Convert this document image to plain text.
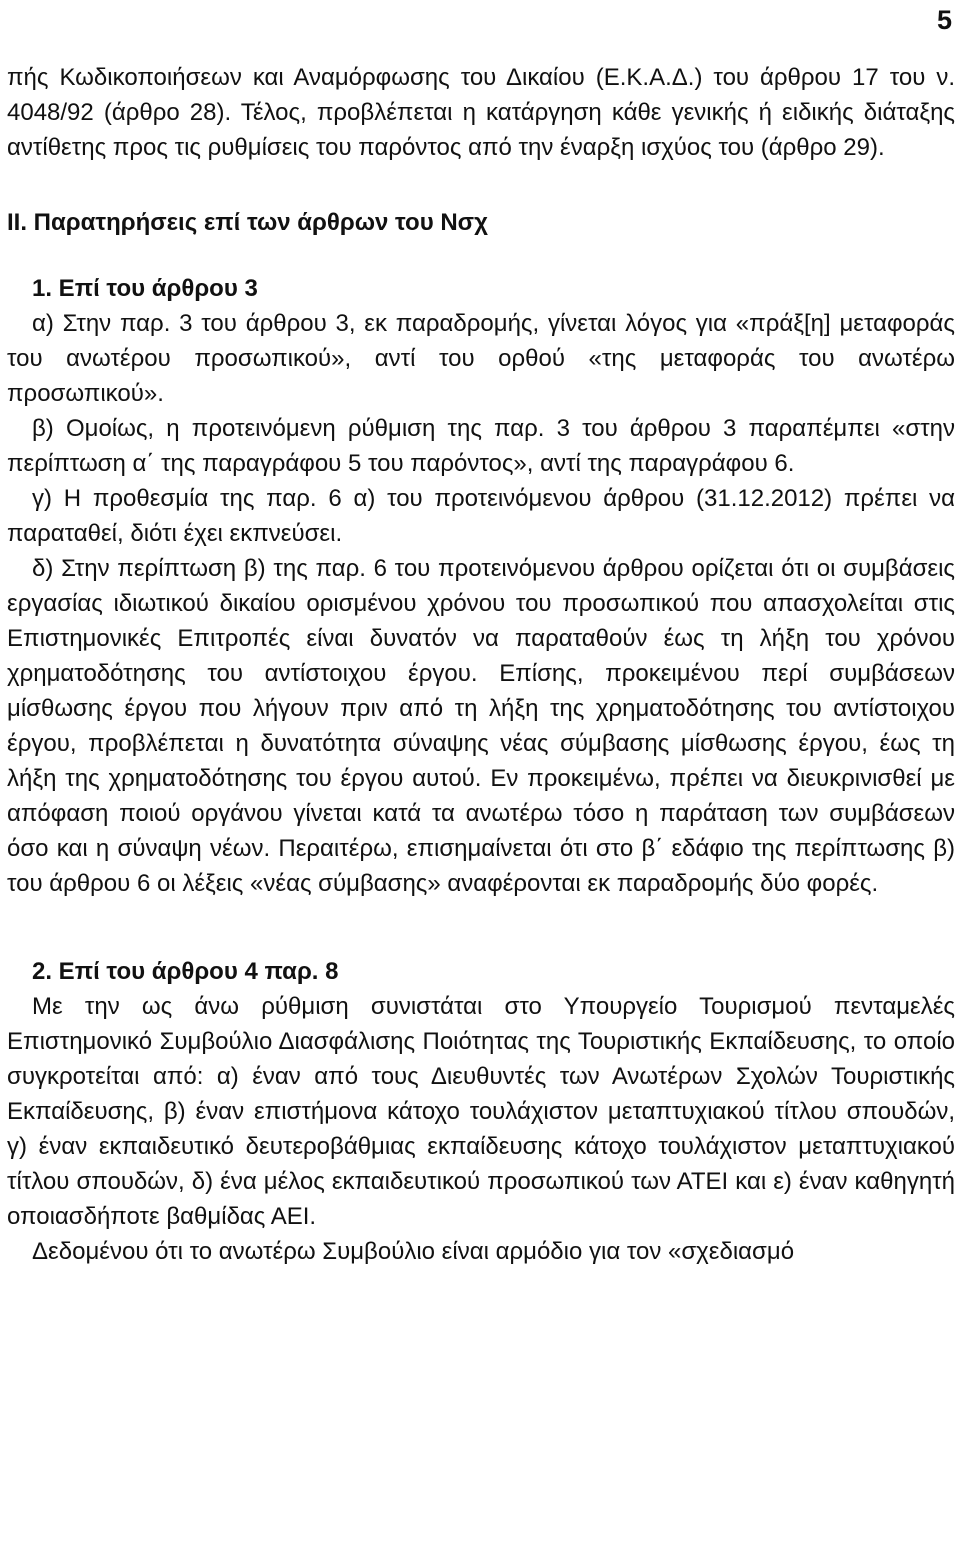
5

πής Κωδικοποιήσεων και Αναμόρφωσης του Δικαίου (Ε.Κ.Α.Δ.) του άρθρου 17 του ν. 4048/92 (άρθρο 28). Τέλος, προβλέπεται η κατάργηση κάθε γενικής ή ειδικής διάταξης αντίθετης προς τις ρυθμίσεις του παρόντος από την έναρξη ισχύος του (άρθρο 29).

II. Παρατηρήσεις επί των άρθρων του Νσχ
1. Επί του άρθρου 3

α) Στην παρ. 3 του άρθρου 3, εκ παραδρομής, γίνεται λόγος για «πράξ[η] μεταφοράς του ανωτέρου προσωπικού», αντί του ορθού «της μεταφοράς του ανωτέρω προσωπικού».

β) Ομοίως, η προτεινόμενη ρύθμιση της παρ. 3 του άρθρου 3 παραπέμπει «στην περίπτωση α΄ της παραγράφου 5 του παρόντος», αντί της παραγράφου 6.

γ) Η προθεσμία της παρ. 6 α) του προτεινόμενου άρθρου (31.12.2012) πρέπει να παραταθεί, διότι έχει εκπνεύσει.

δ) Στην περίπτωση β) της παρ. 6 του προτεινόμενου άρθρου ορίζεται ότι οι συμβάσεις εργασίας ιδιωτικού δικαίου ορισμένου χρόνου του προσωπικού που απασχολείται στις Επιστημονικές Επιτροπές είναι δυνατόν να παραταθούν έως τη λήξη του χρόνου χρηματοδότησης του αντίστοιχου έργου. Επίσης, προκειμένου περί συμβάσεων μίσθωσης έργου που λήγουν πριν από τη λήξη της χρηματοδότησης του αντίστοιχου έργου, προβλέπεται η δυνατότητα σύναψης νέας σύμβασης μίσθωσης έργου, έως τη λήξη της χρηματοδότησης του έργου αυτού. Εν προκειμένω, πρέπει να διευκρινισθεί με απόφαση ποιού οργάνου γίνεται κατά τα ανωτέρω τόσο η παράταση των συμβάσεων όσο και η σύναψη νέων. Περαιτέρω, επισημαίνεται ότι στο β΄ εδάφιο της περίπτωσης β) του άρθρου 6 οι λέξεις «νέας σύμβασης» αναφέρονται εκ παραδρομής δύο φορές.

2. Επί του άρθρου 4 παρ. 8

Με την ως άνω ρύθμιση συνιστάται στο Υπουργείο Τουρισμού πενταμελές Επιστημονικό Συμβούλιο Διασφάλισης Ποιότητας της Τουριστικής Εκπαίδευσης, το οποίο συγκροτείται από: α) έναν από τους Διευθυντές των Ανωτέρων Σχολών Τουριστικής Εκπαίδευσης, β) έναν επιστήμονα κάτοχο τουλάχιστον μεταπτυχιακού τίτλου σπουδών, γ) έναν εκπαιδευτικό δευτεροβάθμιας εκπαίδευσης κάτοχο τουλάχιστον μεταπτυχιακού τίτλου σπουδών, δ) ένα μέλος εκπαιδευτικού προσωπικού των ΑΤΕΙ και ε) έναν καθηγητή οποιασδήποτε βαθμίδας ΑΕΙ.

Δεδομένου ότι το ανωτέρω Συμβούλιο είναι αρμόδιο για τον «σχεδιασμό
